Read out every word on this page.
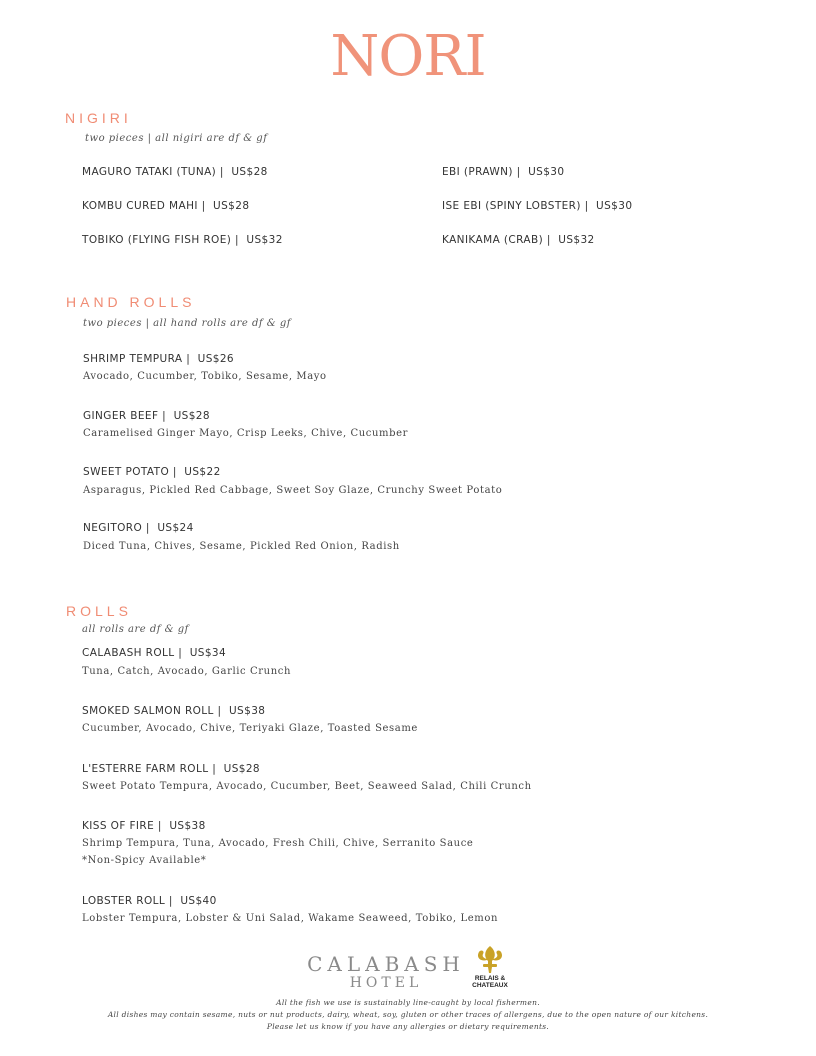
NORI
NIGIRI
two pieces | all nigiri are df & gf
MAGURO TATAKI (TUNA) |  US$28
KOMBU CURED MAHI |  US$28
TOBIKO (FLYING FISH ROE) |  US$32
EBI (PRAWN) |  US$30
ISE EBI (SPINY LOBSTER) |  US$30
KANIKAMA (CRAB) |  US$32
HAND ROLLS
two pieces | all hand rolls are df & gf
SHRIMP TEMPURA |  US$26
Avocado, Cucumber, Tobiko, Sesame, Mayo
GINGER BEEF |  US$28
Caramelised Ginger Mayo, Crisp Leeks, Chive, Cucumber
SWEET POTATO |  US$22
Asparagus, Pickled Red Cabbage, Sweet Soy Glaze, Crunchy Sweet Potato
NEGITORO |  US$24
Diced Tuna, Chives, Sesame, Pickled Red Onion, Radish
ROLLS
all rolls are df & gf
CALABASH ROLL |  US$34
Tuna, Catch, Avocado, Garlic Crunch
SMOKED SALMON ROLL |  US$38
Cucumber, Avocado, Chive, Teriyaki Glaze, Toasted Sesame
L'ESTERRE FARM ROLL |  US$28
Sweet Potato Tempura, Avocado, Cucumber, Beet, Seaweed Salad, Chili Crunch
KISS OF FIRE |  US$38
Shrimp Tempura, Tuna, Avocado, Fresh Chili, Chive, Serranito Sauce
*Non-Spicy Available*
LOBSTER ROLL |  US$40
Lobster Tempura, Lobster & Uni Salad, Wakame Seaweed, Tobiko, Lemon
CALABASH
HOTEL	RELAIS &
CHATEAUX
All the fish we use is sustainably line-caught by local fishermen.
All dishes may contain sesame, nuts or nut products, dairy, wheat, soy, gluten or other traces of allergens, due to the open nature of our kitchens.
Please let us know if you have any allergies or dietary requirements.
